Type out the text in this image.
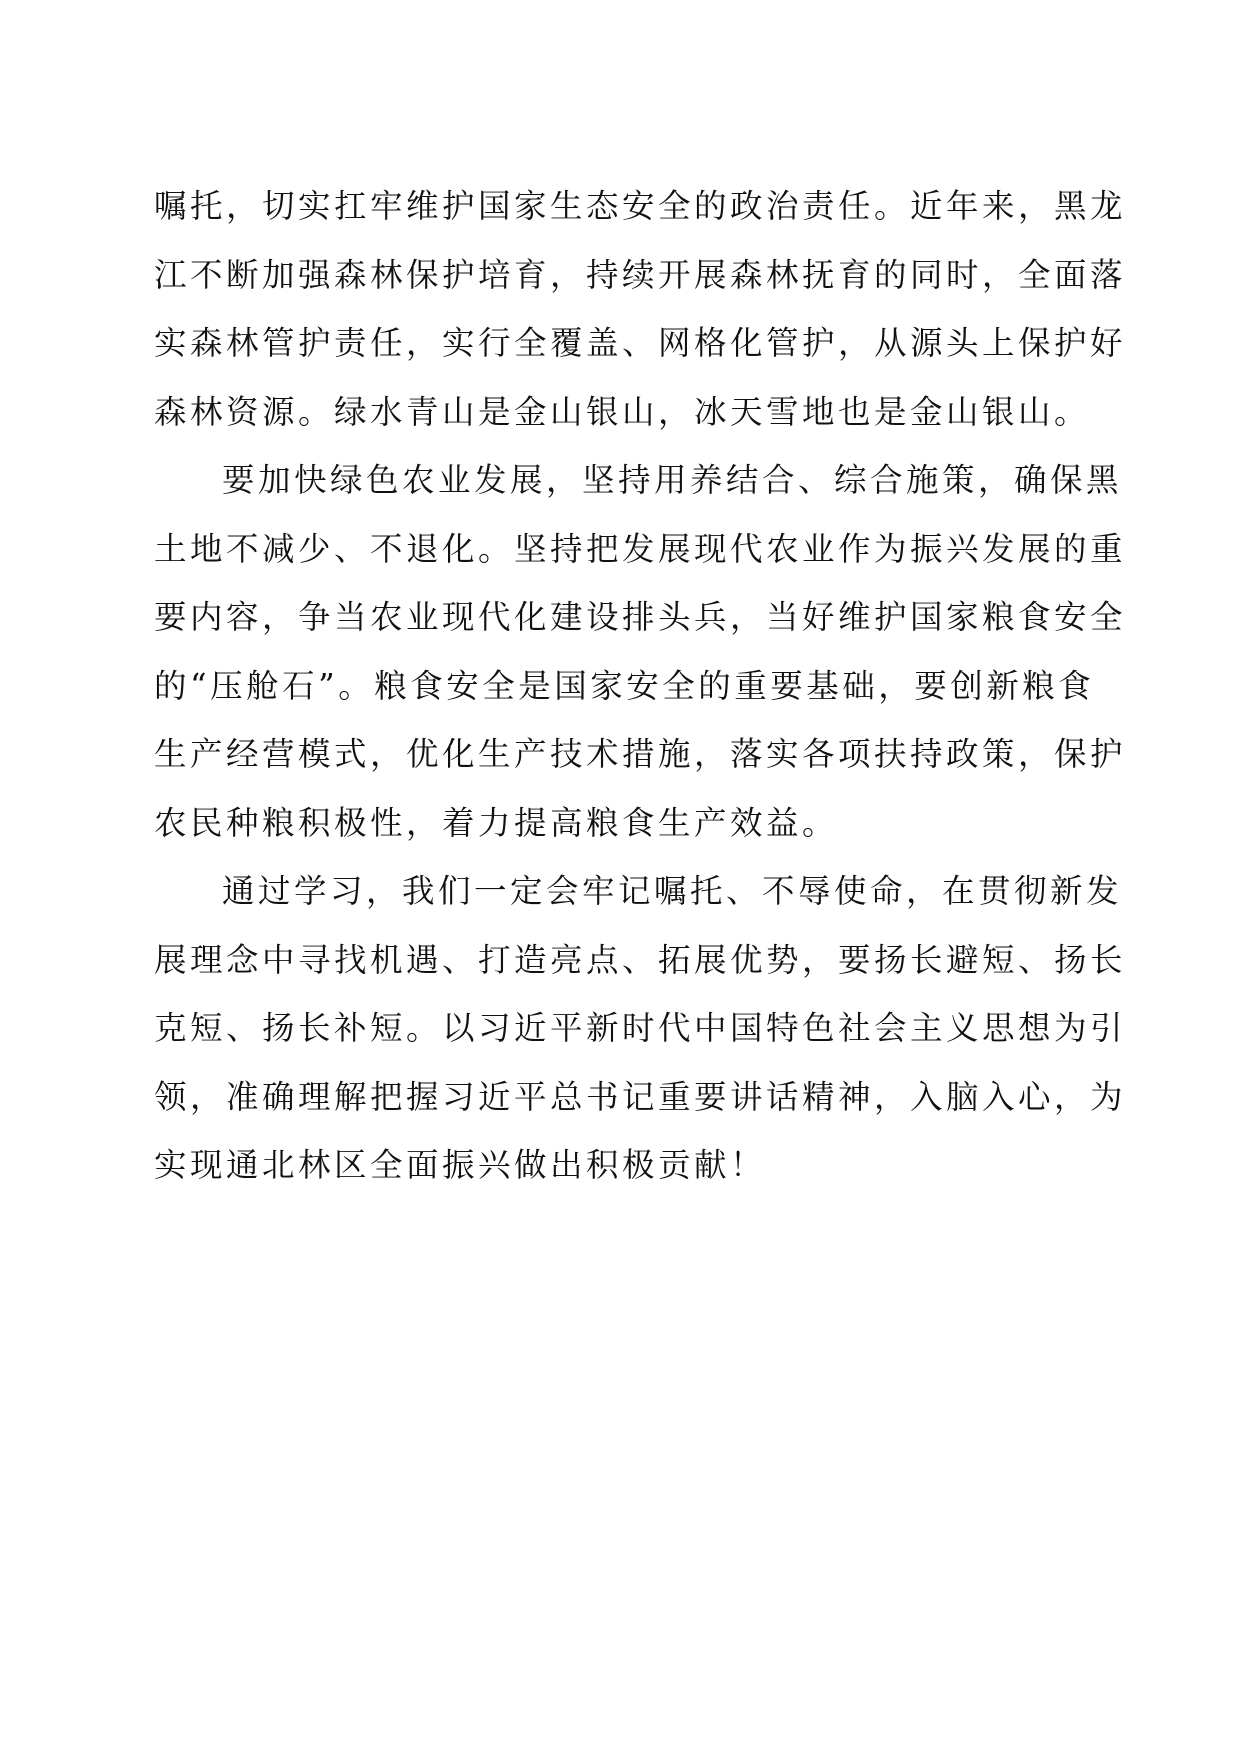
嘱托，切实扛牢维护国家生态安全的政治责任。近年来，黑龙
江不断加强森林保护培育，持续开展森林抚育的同时，全面落
实森林管护责任，实行全覆盖、网格化管护，从源头上保护好
森林资源。绿水青山是金山银山，冰天雪地也是金山银山。
要加快绿色农业发展，坚持用养结合、综合施策，确保黑
土地不减少、不退化。坚持把发展现代农业作为振兴发展的重
要内容，争当农业现代化建设排头兵，当好维护国家粮食安全
的“压舱石”。粮食安全是国家安全的重要基础，要创新粮食
生产经营模式，优化生产技术措施，落实各项扶持政策，保护
农民种粮积极性，着力提高粮食生产效益。
通过学习，我们一定会牢记嘱托、不辱使命，在贯彻新发
展理念中寻找机遇、打造亮点、拓展优势，要扬长避短、扬长
克短、扬长补短。以习近平新时代中国特色社会主义思想为引
领，准确理解把握习近平总书记重要讲话精神，入脑入心，为
实现通北林区全面振兴做出积极贡献！
